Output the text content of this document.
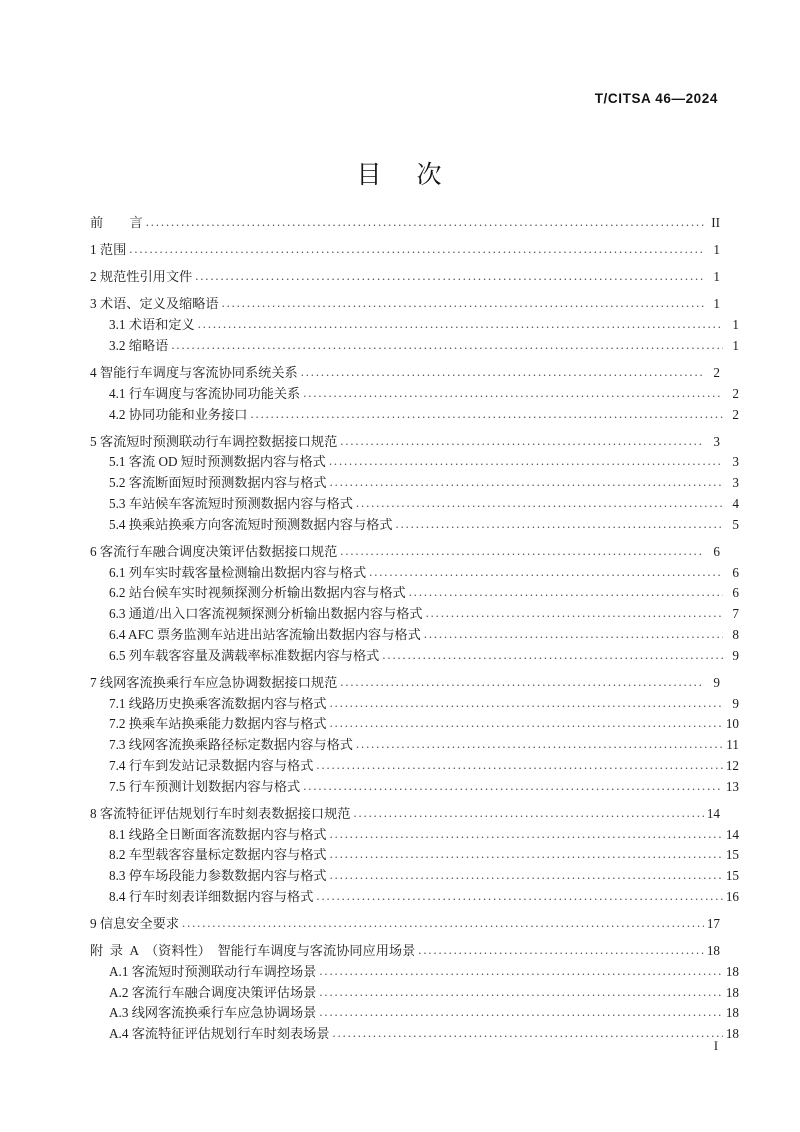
T/CITSA 46—2024
目    次
前        言 .....	II
1 范围 .....	1
2 规范性引用文件 .....	1
3 术语、定义及缩略语 .....	1
3.1 术语和定义 .....	1
3.2 缩略语 .....	1
4 智能行车调度与客流协同系统关系 .....	2
4.1 行车调度与客流协同功能关系 .....	2
4.2 协同功能和业务接口 .....	2
5 客流短时预测联动行车调控数据接口规范 .....	3
5.1 客流 OD 短时预测数据内容与格式 .....	3
5.2 客流断面短时预测数据内容与格式 .....	3
5.3 车站候车客流短时预测数据内容与格式 .....	4
5.4 换乘站换乘方向客流短时预测数据内容与格式 .....	5
6 客流行车融合调度决策评估数据接口规范 .....	6
6.1 列车实时载客量检测输出数据内容与格式 .....	6
6.2 站台候车实时视频探测分析输出数据内容与格式 .....	6
6.3 通道/出入口客流视频探测分析输出数据内容与格式 .....	7
6.4 AFC 票务监测车站进出站客流输出数据内容与格式 .....	8
6.5 列车载客容量及满载率标准数据内容与格式 .....	9
7 线网客流换乘行车应急协调数据接口规范 .....	9
7.1 线路历史换乘客流数据内容与格式 .....	9
7.2 换乘车站换乘能力数据内容与格式 .....	10
7.3 线网客流换乘路径标定数据内容与格式 .....	11
7.4 行车到发站记录数据内容与格式 .....	12
7.5 行车预测计划数据内容与格式 .....	13
8 客流特征评估规划行车时刻表数据接口规范 .....	14
8.1 线路全日断面客流数据内容与格式 .....	14
8.2 车型载客容量标定数据内容与格式 .....	15
8.3 停车场段能力参数数据内容与格式 .....	15
8.4 行车时刻表详细数据内容与格式 .....	16
9 信息安全要求 .....	17
附  录  A  （资料性）  智能行车调度与客流协同应用场景 .....	18
A.1 客流短时预测联动行车调控场景 .....	18
A.2 客流行车融合调度决策评估场景 .....	18
A.3 线网客流换乘行车应急协调场景 .....	18
A.4 客流特征评估规划行车时刻表场景 .....	18
I
